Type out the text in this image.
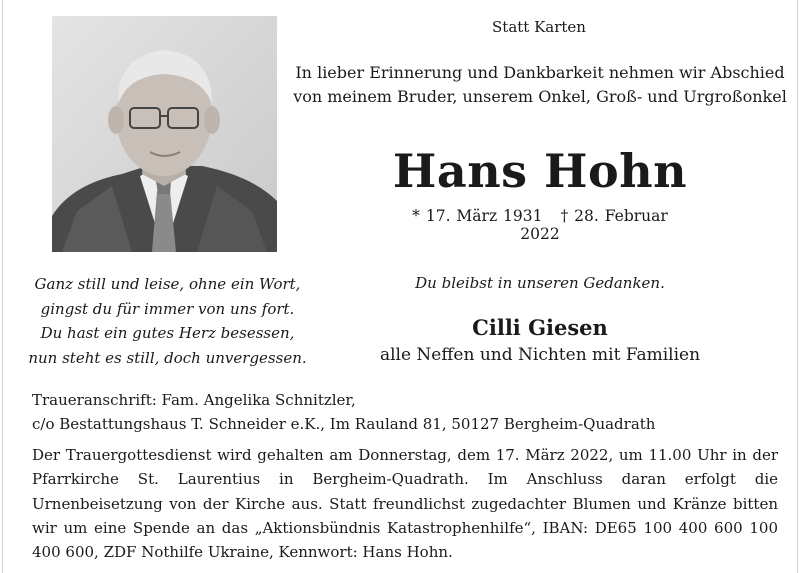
Statt Karten
In lieber Erinnerung und Dankbarkeit nehmen wir Abschied
von meinem Bruder, unserem Onkel, Groß- und Urgroßonkel
Hans Hohn
* 17. März 1931 † 28. Februar 2022
Ganz still und leise, ohne ein Wort,
gingst du für immer von uns fort.
Du hast ein gutes Herz besessen,
nun steht es still, doch unvergessen.
Du bleibst in unseren Gedanken.
Cilli Giesen
alle Neffen und Nichten mit Familien
Traueranschrift: Fam. Angelika Schnitzler,
c/o Bestattungshaus T. Schneider e.K., Im Rauland 81, 50127 Bergheim-Quadrath
Der Trauergottesdienst wird gehalten am Donnerstag, dem 17. März 2022, um 11.00 Uhr in der Pfarrkirche St. Laurentius in Bergheim-Quadrath. Im Anschluss daran erfolgt die Urnenbeisetzung von der Kirche aus. Statt freundlichst zugedachter Blumen und Kränze bitten wir um eine Spende an das „Aktionsbündnis Katastrophenhilfe“, IBAN: DE65 100 400 600 100 400 600, ZDF Nothilfe Ukraine, Kennwort: Hans Hohn.
